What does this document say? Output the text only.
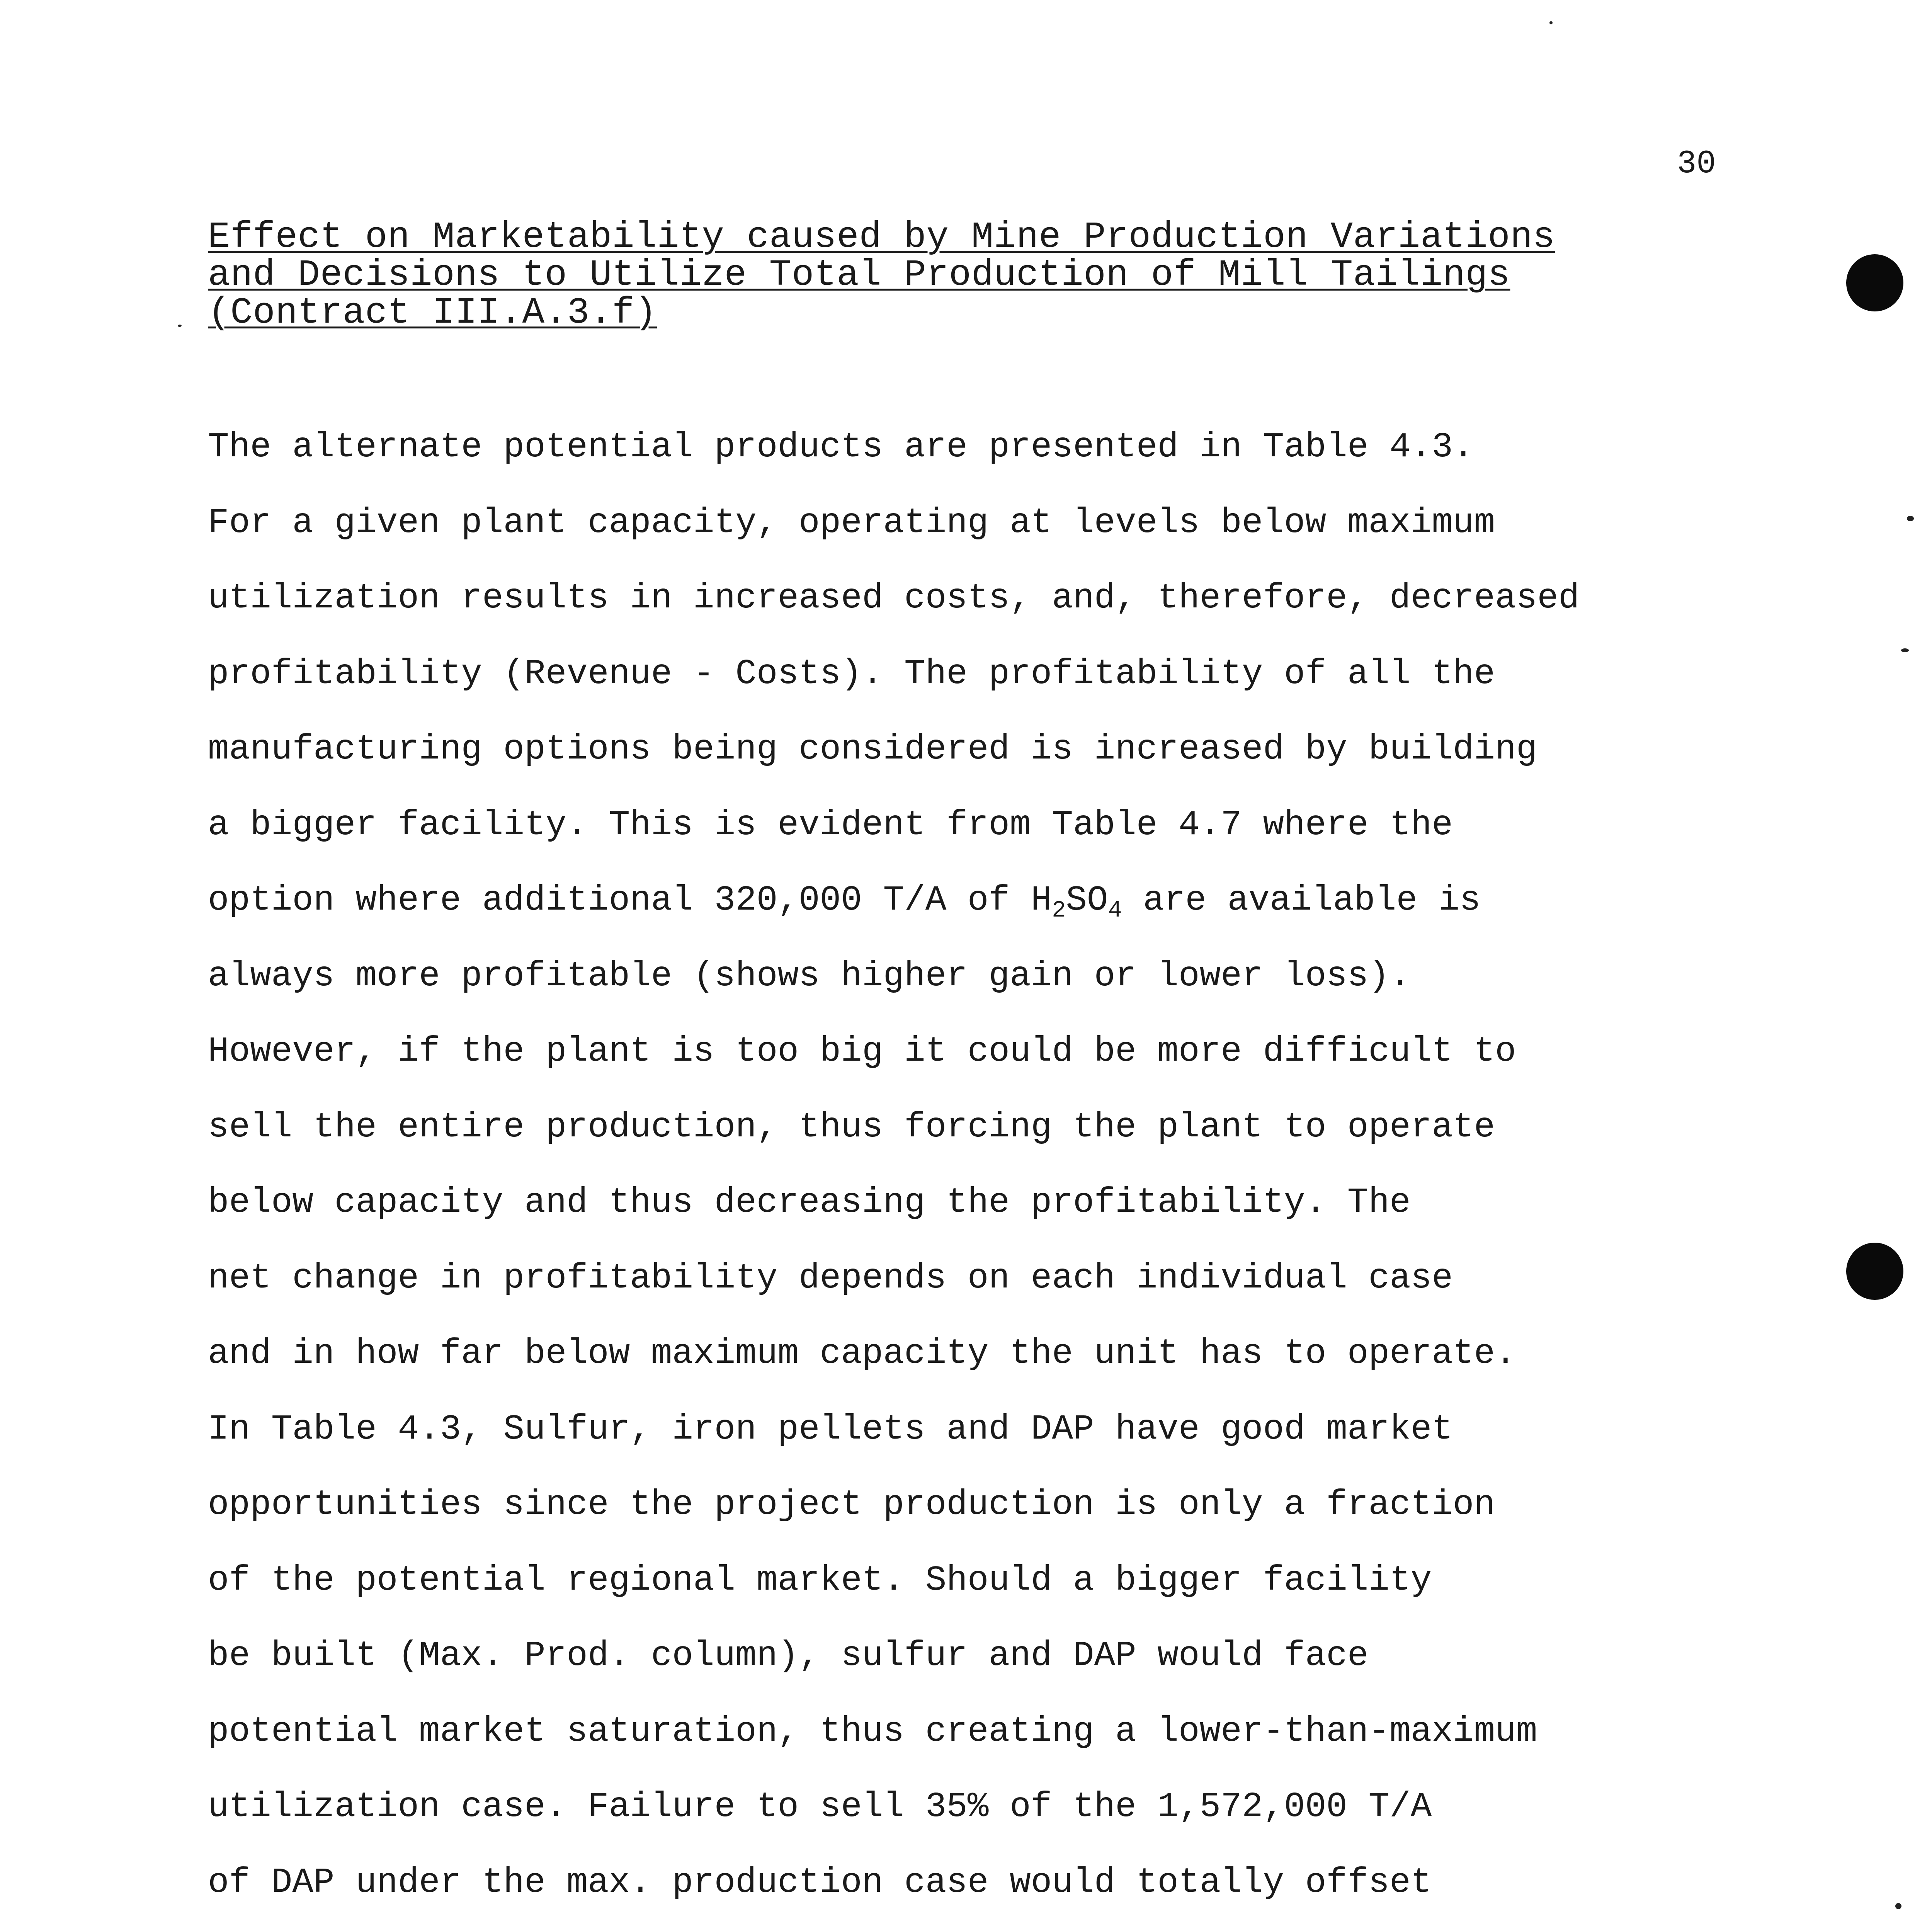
30
Effect on Marketability caused by Mine Production Variations
and Decisions to Utilize Total Production of Mill Tailings
(Contract III.A.3.f)
The alternate potential products are presented in Table 4.3.
For a given plant capacity, operating at levels below maximum
utilization results in increased costs, and, therefore, decreased
profitability (Revenue - Costs). The profitability of all the
manufacturing options being considered is increased by building
a bigger facility. This is evident from Table 4.7 where the
option where additional 320,000 T/A of $H_2SO_4$ are available is
always more profitable (shows higher gain or lower loss).
However, if the plant is too big it could be more difficult to
sell the entire production, thus forcing the plant to operate
below capacity and thus decreasing the profitability. The
net change in profitability depends on each individual case
and in how far below maximum capacity the unit has to operate.
In Table 4.3, Sulfur, iron pellets and DAP have good market
opportunities since the project production is only a fraction
of the potential regional market. Should a bigger facility
be built (Max. Prod. column), sulfur and DAP would face
potential market saturation, thus creating a lower-than-maximum
utilization case. Failure to sell 35% of the 1,572,000 T/A
of DAP under the max. production case would totally offset
